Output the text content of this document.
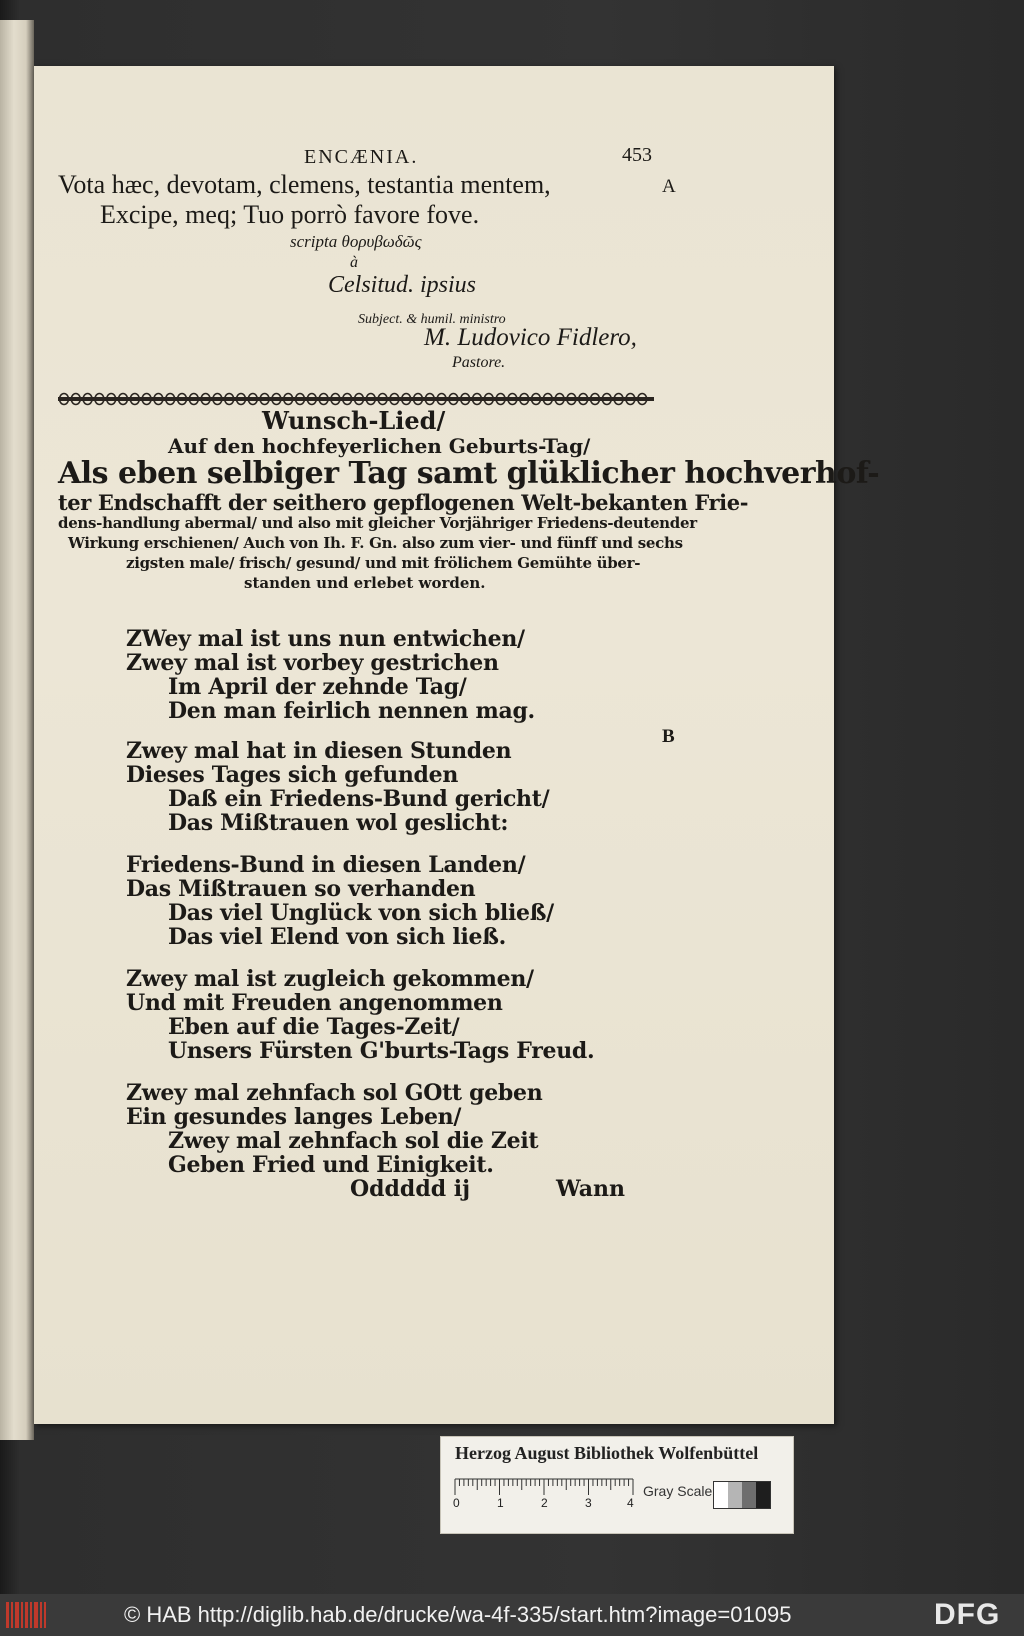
ENCÆNIA.	453
A
B
Vota hæc, devotam, clemens, testantia mentem,
Excipe, meq; Tuo porrò favore fove.
scripta θορυβωδῶς
à
Celsitud. ipsius
Subject. & humil. ministro
M. Ludovico Fidlero,
Pastore.
Wunsch-Lied/
Auf den hochfeyerlichen Geburts-Tag/
Als eben selbiger Tag samt glüklicher hochverhof-
ter Endschafft der seithero gepflogenen Welt-bekanten Frie-
dens-handlung abermal/ und also mit gleicher Vorjähriger Friedens-deutender
Wirkung erschienen/ Auch von Ih. F. Gn. also zum vier- und fünff und sechs
zigsten male/ frisch/ gesund/ und mit frölichem Gemühte über-
standen und erlebet worden.
ZWey mal ist uns nun entwichen/
Zwey mal ist vorbey gestrichen
Im April der zehnde Tag/
Den man feirlich nennen mag.
Zwey mal hat in diesen Stunden
Dieses Tages sich gefunden
Daß ein Friedens-Bund gericht/
Das Mißtrauen wol geslicht:
Friedens-Bund in diesen Landen/
Das Mißtrauen so verhanden
Das viel Unglück von sich bließ/
Das viel Elend von sich ließ.
Zwey mal ist zugleich gekommen/
Und mit Freuden angenommen
Eben auf die Tages-Zeit/
Unsers Fürsten G'burts-Tags Freud.
Zwey mal zehnfach sol GOtt geben
Ein gesundes langes Leben/
Zwey mal zehnfach sol die Zeit
Geben Fried und Einigkeit.
Oddddd ij	Wann
Herzog August Bibliothek Wolfenbüttel
0	1	2	3	4
Gray Scale
© HAB http://diglib.hab.de/drucke/wa-4f-335/start.htm?image=01095	DFG
